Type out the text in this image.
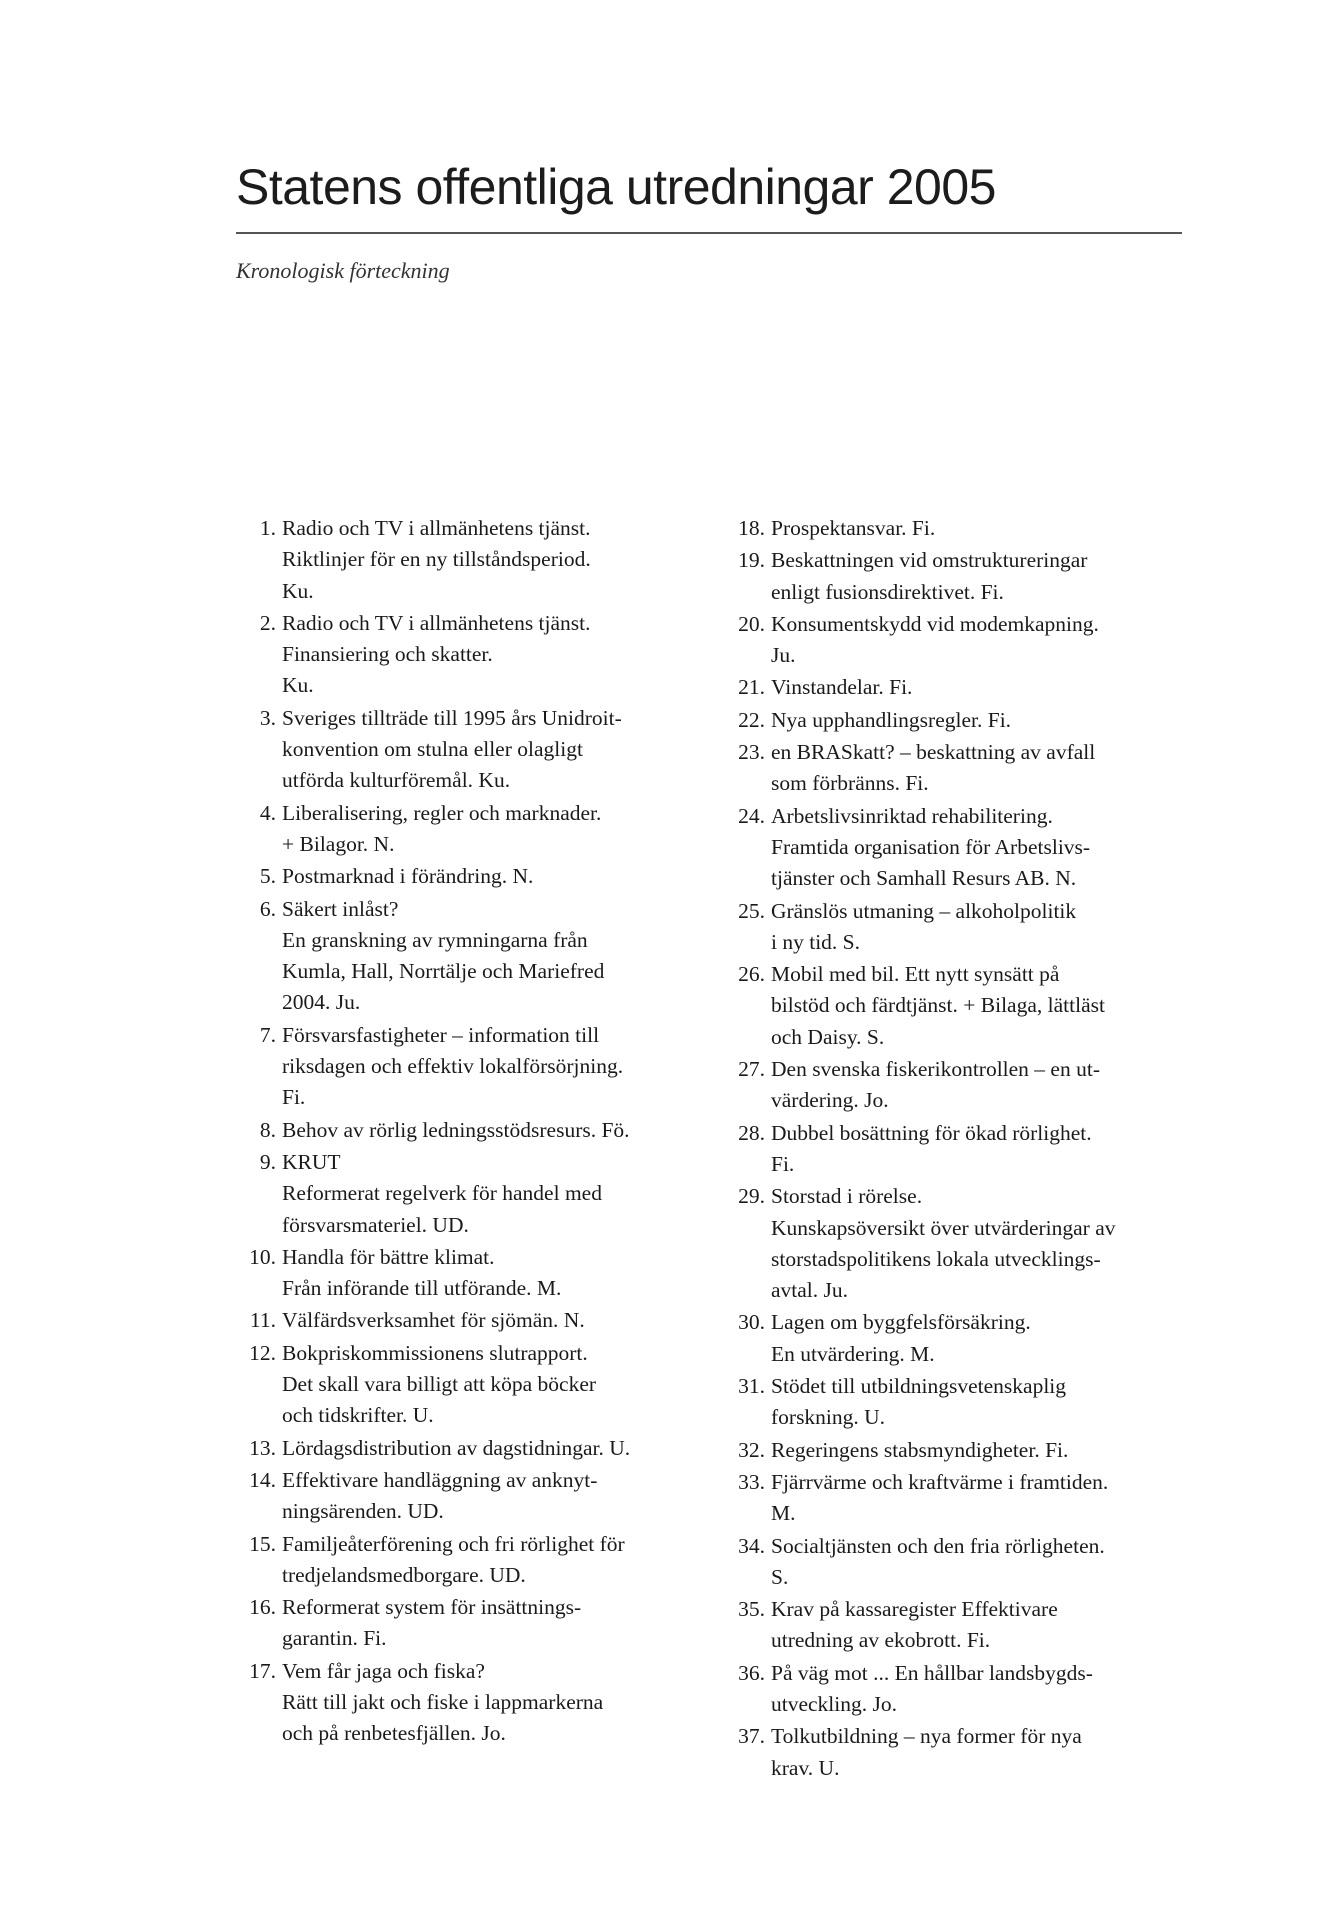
Statens offentliga utredningar 2005

Kronologisk förteckning

1. Radio och TV i allmänhetens tjänst.
Riktlinjer för en ny tillståndsperiod.
Ku.
2. Radio och TV i allmänhetens tjänst.
Finansiering och skatter.
Ku.
3. Sveriges tillträde till 1995 års Unidroit-
konvention om stulna eller olagligt
utförda kulturföremål. Ku.
4. Liberalisering, regler och marknader.
+ Bilagor. N.
5. Postmarknad i förändring. N.
6. Säkert inlåst?
En granskning av rymningarna från
Kumla, Hall, Norrtälje och Mariefred
2004. Ju.
7. Försvarsfastigheter – information till
riksdagen och effektiv lokalförsörjning.
Fi.
8. Behov av rörlig ledningsstödsresurs. Fö.
9. KRUT
Reformerat regelverk för handel med
försvarsmateriel. UD.
10. Handla för bättre klimat.
Från införande till utförande. M.
11. Välfärdsverksamhet för sjömän. N.
12. Bokpriskommissionens slutrapport.
Det skall vara billigt att köpa böcker
och tidskrifter. U.
13. Lördagsdistribution av dagstidningar. U.
14. Effektivare handläggning av anknyt-
ningsärenden. UD.
15. Familjeåterförening och fri rörlighet för
tredjelandsmedborgare. UD.
16. Reformerat system för insättnings-
garantin. Fi.
17. Vem får jaga och fiska?
Rätt till jakt och fiske i lappmarkerna
och på renbetesfjällen. Jo.
18. Prospektansvar. Fi.
19. Beskattningen vid omstruktureringar
enligt fusionsdirektivet. Fi.
20. Konsumentskydd vid modemkapning.
Ju.
21. Vinstandelar. Fi.
22. Nya upphandlingsregler. Fi.
23. en BRASkatt? – beskattning av avfall
som förbränns. Fi.
24. Arbetslivsinriktad rehabilitering.
Framtida organisation för Arbetslivs-
tjänster och Samhall Resurs AB. N.
25. Gränslös utmaning – alkoholpolitik
i ny tid. S.
26. Mobil med bil. Ett nytt synsätt på
bilstöd och färdtjänst. + Bilaga, lättläst
och Daisy. S.
27. Den svenska fiskerikontrollen – en ut-
värdering. Jo.
28. Dubbel bosättning för ökad rörlighet.
Fi.
29. Storstad i rörelse.
Kunskapsöversikt över utvärderingar av
storstadspolitikens lokala utvecklings-
avtal. Ju.
30. Lagen om byggfelsförsäkring.
En utvärdering. M.
31. Stödet till utbildningsvetenskaplig
forskning. U.
32. Regeringens stabsmyndigheter. Fi.
33. Fjärrvärme och kraftvärme i framtiden.
M.
34. Socialtjänsten och den fria rörligheten.
S.
35. Krav på kassaregister Effektivare
utredning av ekobrott. Fi.
36. På väg mot ... En hållbar landsbygds-
utveckling. Jo.
37. Tolkutbildning – nya former för nya
krav. U.
